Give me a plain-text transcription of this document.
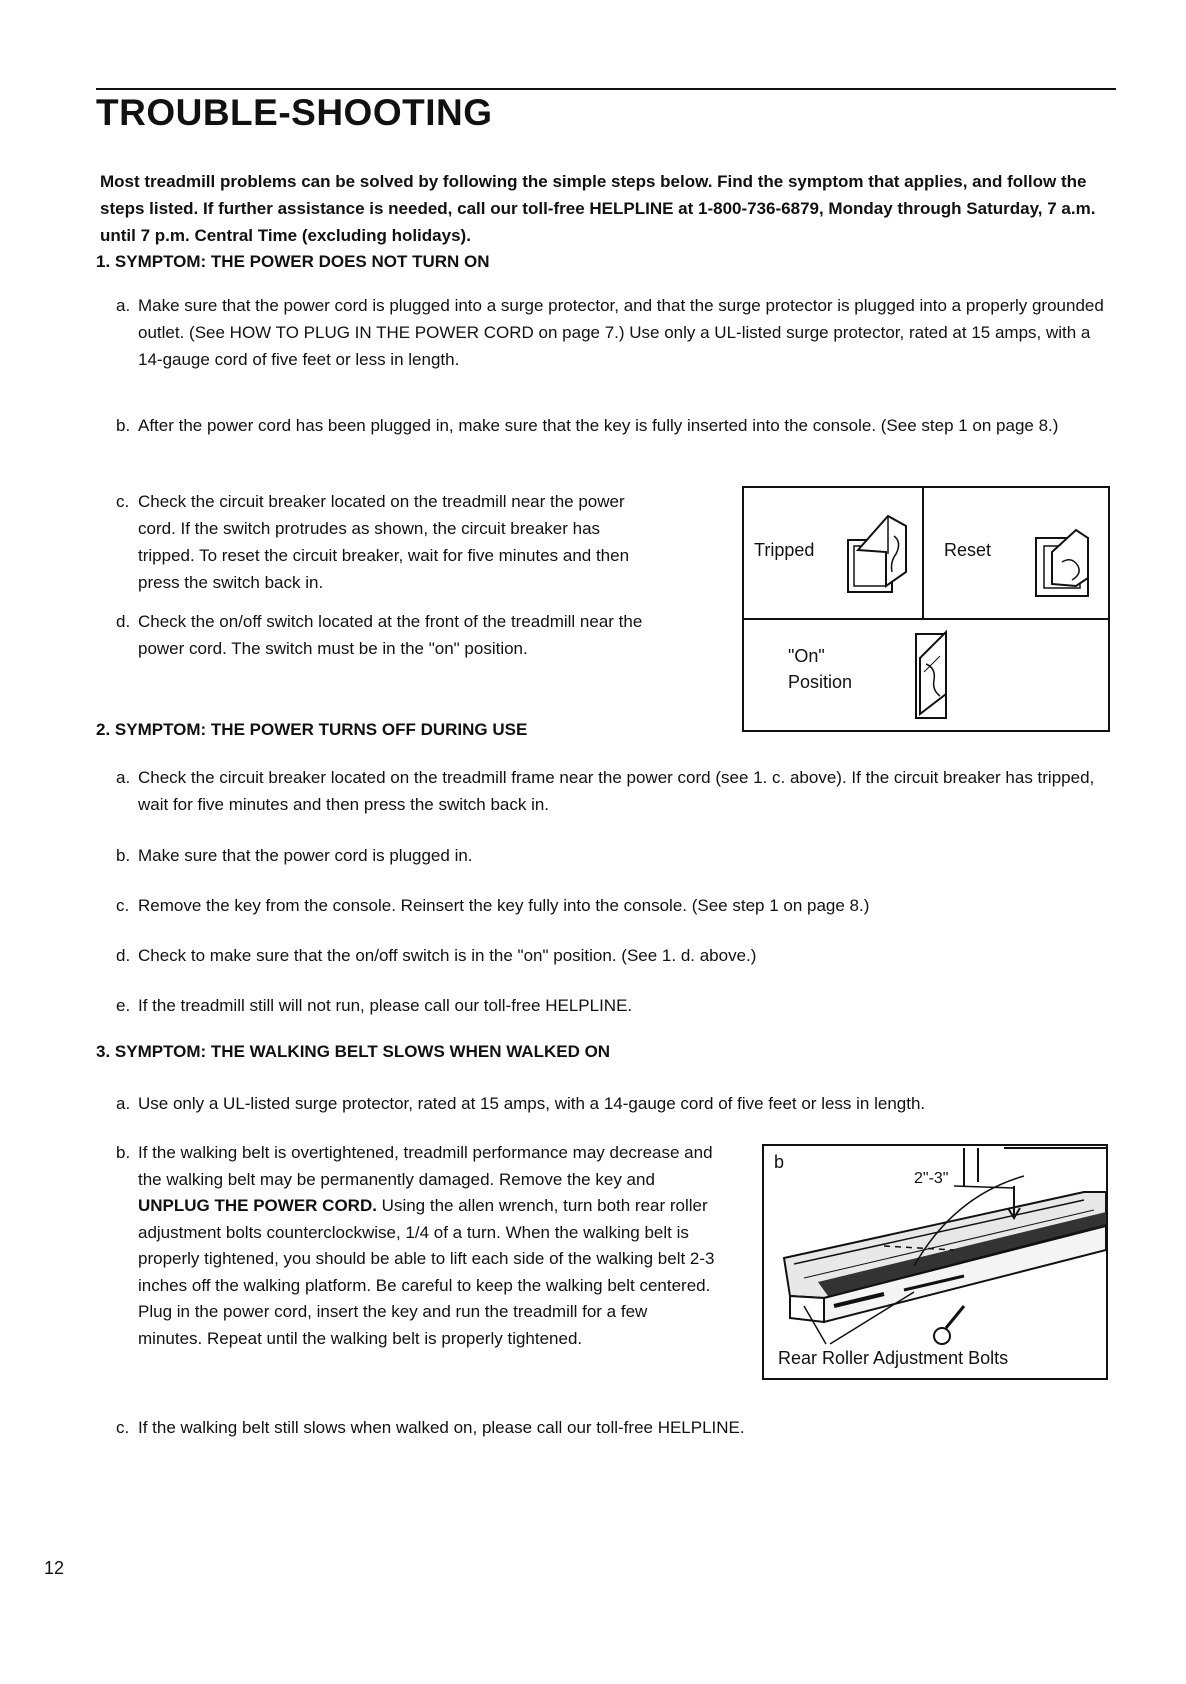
TROUBLE-SHOOTING

Most treadmill problems can be solved by following the simple steps below. Find the symptom that applies, and follow the steps listed. If further assistance is needed, call our toll-free HELPLINE at 1-800-736-6879, Monday through Saturday, 7 a.m. until 7 p.m. Central Time (excluding holidays).

1. SYMPTOM: THE POWER DOES NOT TURN ON

a. Make sure that the power cord is plugged into a surge protector, and that the surge protector is plugged into a properly grounded outlet. (See HOW TO PLUG IN THE POWER CORD on page 7.) Use only a UL-listed surge protector, rated at 15 amps, with a 14-gauge cord of five feet or less in length.
b. After the power cord has been plugged in, make sure that the key is fully inserted into the console. (See step 1 on page 8.)
c. Check the circuit breaker located on the treadmill near the power cord. If the switch protrudes as shown, the circuit breaker has tripped. To reset the circuit breaker, wait for five minutes and then press the switch back in.
d. Check the on/off switch located at the front of the treadmill near the power cord. The switch must be in the "on" position.
Tripped	Reset
"On"
Position

2. SYMPTOM: THE POWER TURNS OFF DURING USE

a. Check the circuit breaker located on the treadmill frame near the power cord (see 1. c. above). If the circuit breaker has tripped, wait for five minutes and then press the switch back in.
b. Make sure that the power cord is plugged in.
c. Remove the key from the console. Reinsert the key fully into the console. (See step 1 on page 8.)
d. Check to make sure that the on/off switch is in the "on" position. (See 1. d. above.)
e. If the treadmill still will not run, please call our toll-free HELPLINE.

3. SYMPTOM: THE WALKING BELT SLOWS WHEN WALKED ON

a. Use only a UL-listed surge protector, rated at 15 amps, with a 14-gauge cord of five feet or less in length.
b. If the walking belt is overtightened, treadmill performance may decrease and the walking belt may be permanently damaged. Remove the key and UNPLUG THE POWER CORD. Using the allen wrench, turn both rear roller adjustment bolts counterclockwise, 1/4 of a turn. When the walking belt is properly tightened, you should be able to lift each side of the walking belt 2-3 inches off the walking platform. Be careful to keep the walking belt centered. Plug in the power cord, insert the key and run the treadmill for a few minutes. Repeat until the walking belt is properly tightened.
c. If the walking belt still slows when walked on, please call our toll-free HELPLINE.
b
2"-3"
Rear Roller Adjustment Bolts
12
